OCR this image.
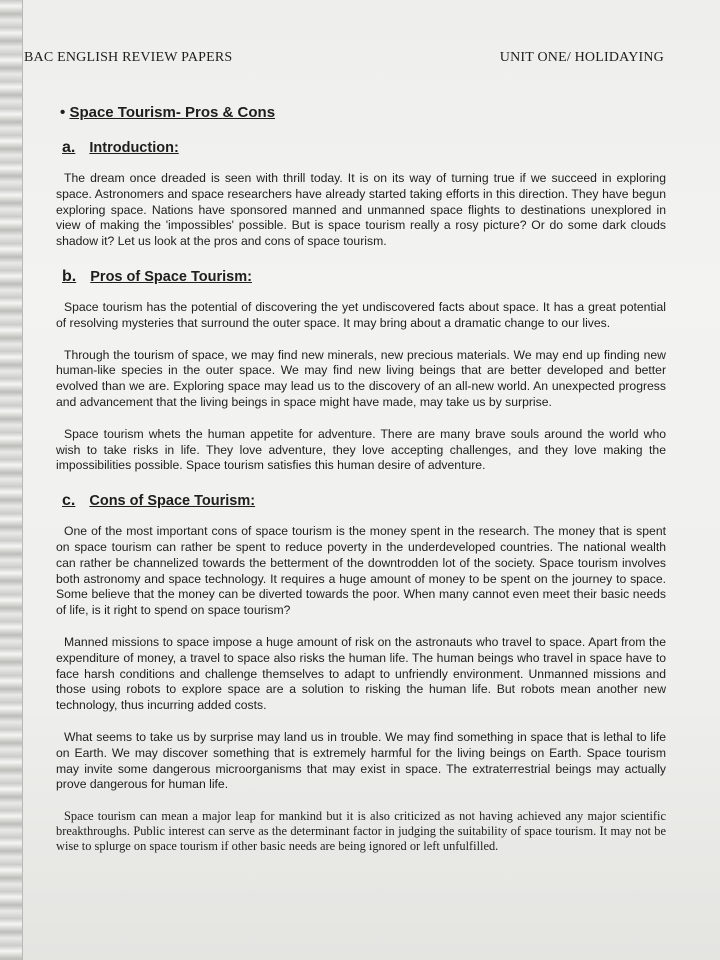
BAC ENGLISH REVIEW PAPERS	UNIT ONE/ HOLIDAYING
• Space Tourism- Pros & Cons
a. Introduction:

The dream once dreaded is seen with thrill today. It is on its way of turning true if we succeed in exploring space. Astronomers and space researchers have already started taking efforts in this direction. They have begun exploring space. Nations have sponsored manned and unmanned space flights to destinations unexplored in view of making the 'impossibles' possible. But is space tourism really a rosy picture? Or do some dark clouds shadow it? Let us look at the pros and cons of space tourism.

b. Pros of Space Tourism:

Space tourism has the potential of discovering the yet undiscovered facts about space. It has a great potential of resolving mysteries that surround the outer space. It may bring about a dramatic change to our lives.

Through the tourism of space, we may find new minerals, new precious materials. We may end up finding new human-like species in the outer space. We may find new living beings that are better developed and better evolved than we are. Exploring space may lead us to the discovery of an all-new world. An unexpected progress and advancement that the living beings in space might have made, may take us by surprise.

Space tourism whets the human appetite for adventure. There are many brave souls around the world who wish to take risks in life. They love adventure, they love accepting challenges, and they love making the impossibilities possible. Space tourism satisfies this human desire of adventure.

c. Cons of Space Tourism:

One of the most important cons of space tourism is the money spent in the research. The money that is spent on space tourism can rather be spent to reduce poverty in the underdeveloped countries. The national wealth can rather be channelized towards the betterment of the downtrodden lot of the society. Space tourism involves both astronomy and space technology. It requires a huge amount of money to be spent on the journey to space. Some believe that the money can be diverted towards the poor. When many cannot even meet their basic needs of life, is it right to spend on space tourism?

Manned missions to space impose a huge amount of risk on the astronauts who travel to space. Apart from the expenditure of money, a travel to space also risks the human life. The human beings who travel in space have to face harsh conditions and challenge themselves to adapt to unfriendly environment. Unmanned missions and those using robots to explore space are a solution to risking the human life. But robots mean another new technology, thus incurring added costs.

What seems to take us by surprise may land us in trouble. We may find something in space that is lethal to life on Earth. We may discover something that is extremely harmful for the living beings on Earth. Space tourism may invite some dangerous microorganisms that may exist in space. The extraterrestrial beings may actually prove dangerous for human life.

Space tourism can mean a major leap for mankind but it is also criticized as not having achieved any major scientific breakthroughs. Public interest can serve as the determinant factor in judging the suitability of space tourism. It may not be wise to splurge on space tourism if other basic needs are being ignored or left unfulfilled.
